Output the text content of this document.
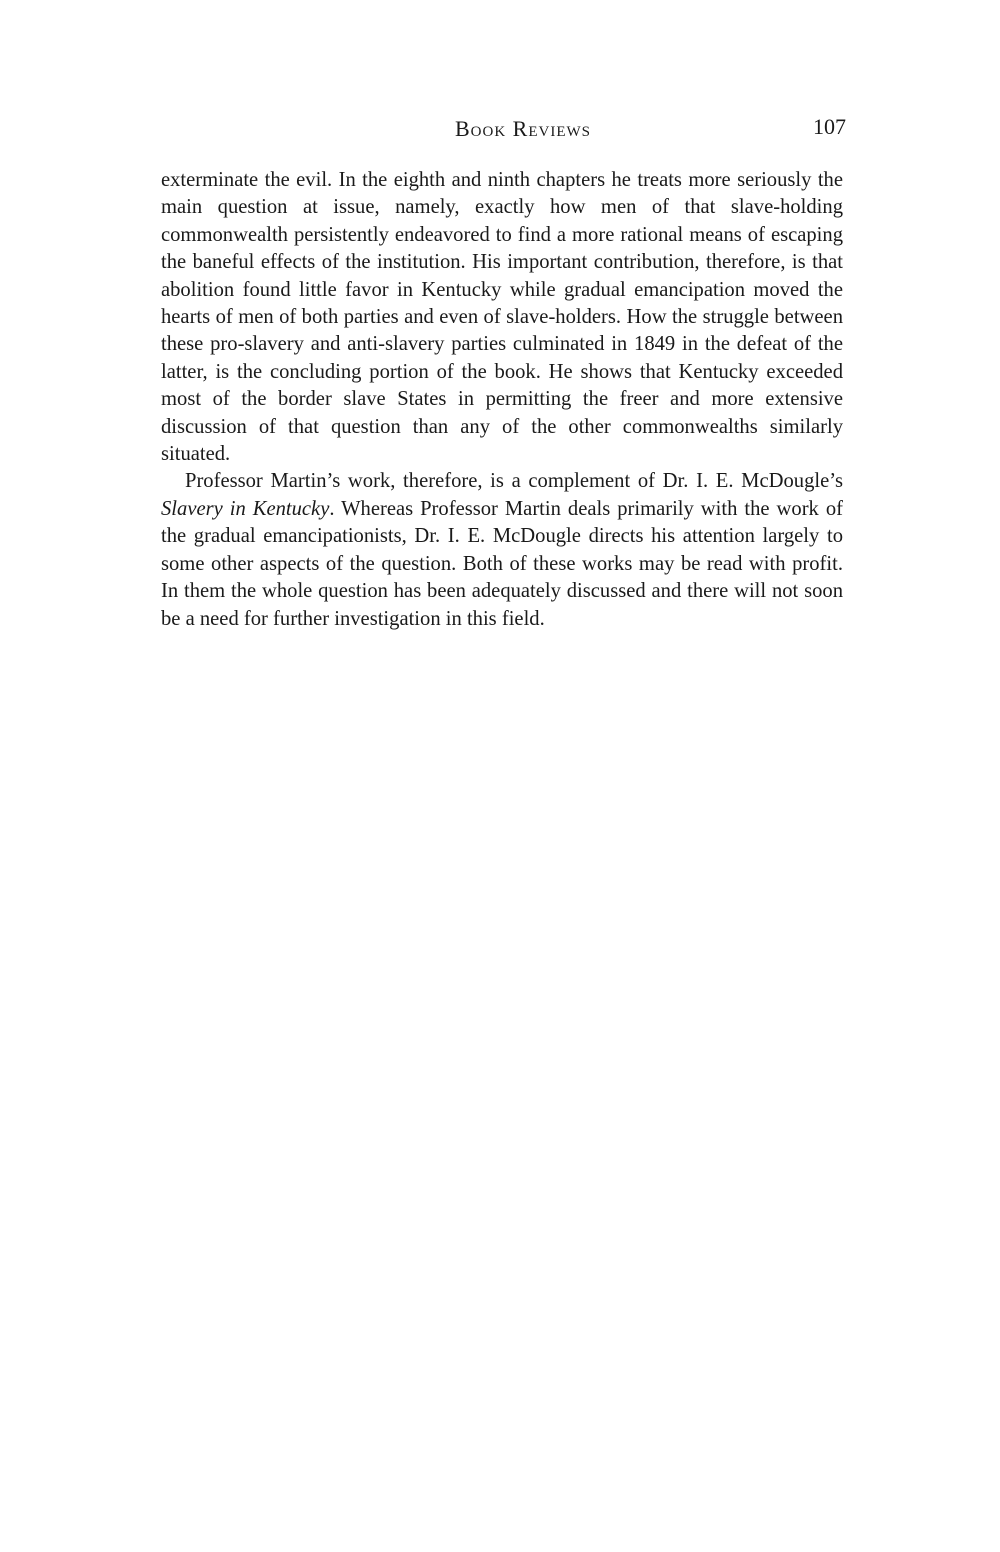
Book Reviews	107

exterminate the evil. In the eighth and ninth chapters he treats more seriously the main question at issue, namely, exactly how men of that slave-holding commonwealth persistently endeavored to find a more rational means of escaping the baneful effects of the institution. His important contribution, therefore, is that abolition found little favor in Kentucky while gradual emancipation moved the hearts of men of both parties and even of slave-holders. How the struggle between these pro-slavery and anti-slavery parties culminated in 1849 in the defeat of the latter, is the concluding portion of the book. He shows that Kentucky exceeded most of the border slave States in permitting the freer and more extensive discussion of that question than any of the other commonwealths similarly situated.

Professor Martin’s work, therefore, is a complement of Dr. I. E. McDougle’s Slavery in Kentucky. Whereas Professor Martin deals primarily with the work of the gradual emancipationists, Dr. I. E. McDougle directs his attention largely to some other aspects of the question. Both of these works may be read with profit. In them the whole question has been adequately discussed and there will not soon be a need for further investigation in this field.
